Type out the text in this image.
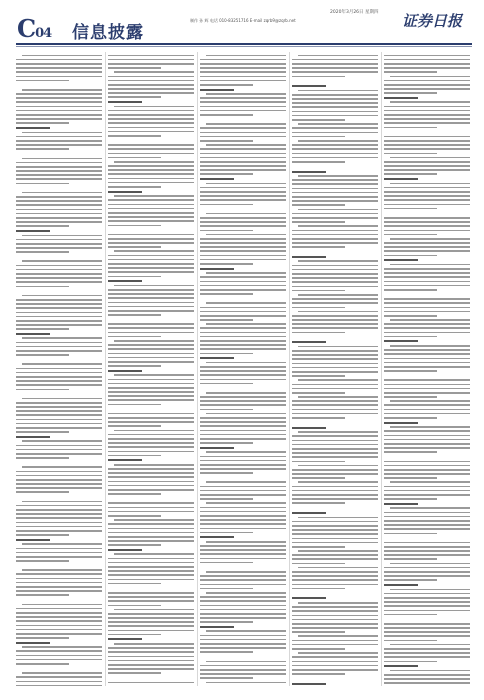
C04 信息披露
2020年3月26日 星期四
制作 孙 辉 电话 010-83251716 E-mail zqrb9@zqrb.net	证券日报
